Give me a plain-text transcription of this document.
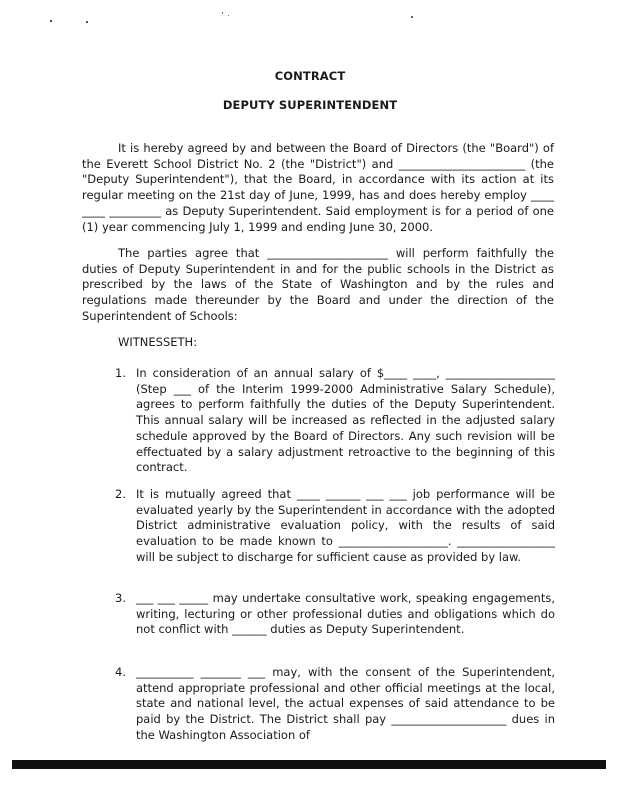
CONTRACT
DEPUTY SUPERINTENDENT
It is hereby agreed by and between the Board of Directors (the "Board") of the Everett School District No. 2 (the "District") and ______________________ (the "Deputy Superintendent"), that the Board, in accordance with its action at its regular meeting on the 21st day of June, 1999, has and does hereby employ ____ ____ _________ as Deputy Superintendent. Said employment is for a period of one (1) year commencing July 1, 1999 and ending June 30, 2000.
The parties agree that _____________________ will perform faithfully the duties of Deputy Superintendent in and for the public schools in the District as prescribed by the laws of the State of Washington and by the rules and regulations made thereunder by the Board and under the direction of the Superintendent of Schools:
WITNESSETH:
1. In consideration of an annual salary of $____ ____, ___________________ (Step ___ of the Interim 1999-2000 Administrative Salary Schedule), agrees to perform faithfully the duties of the Deputy Superintendent. This annual salary will be increased as reflected in the adjusted salary schedule approved by the Board of Directors. Any such revision will be effectuated by a salary adjustment retroactive to the beginning of this contract.
2. It is mutually agreed that ____ ______ ___ ___ job performance will be evaluated yearly by the Superintendent in accordance with the adopted District administrative evaluation policy, with the results of said evaluation to be made known to ___________________. _________________ will be subject to discharge for sufficient cause as provided by law.
3. ___ ___ _____ may undertake consultative work, speaking engagements, writing, lecturing or other professional duties and obligations which do not conflict with ______ duties as Deputy Superintendent.
4. __________ _______ ___ may, with the consent of the Superintendent, attend appropriate professional and other official meetings at the local, state and national level, the actual expenses of said attendance to be paid by the District. The District shall pay ____________________ dues in the Washington Association of
